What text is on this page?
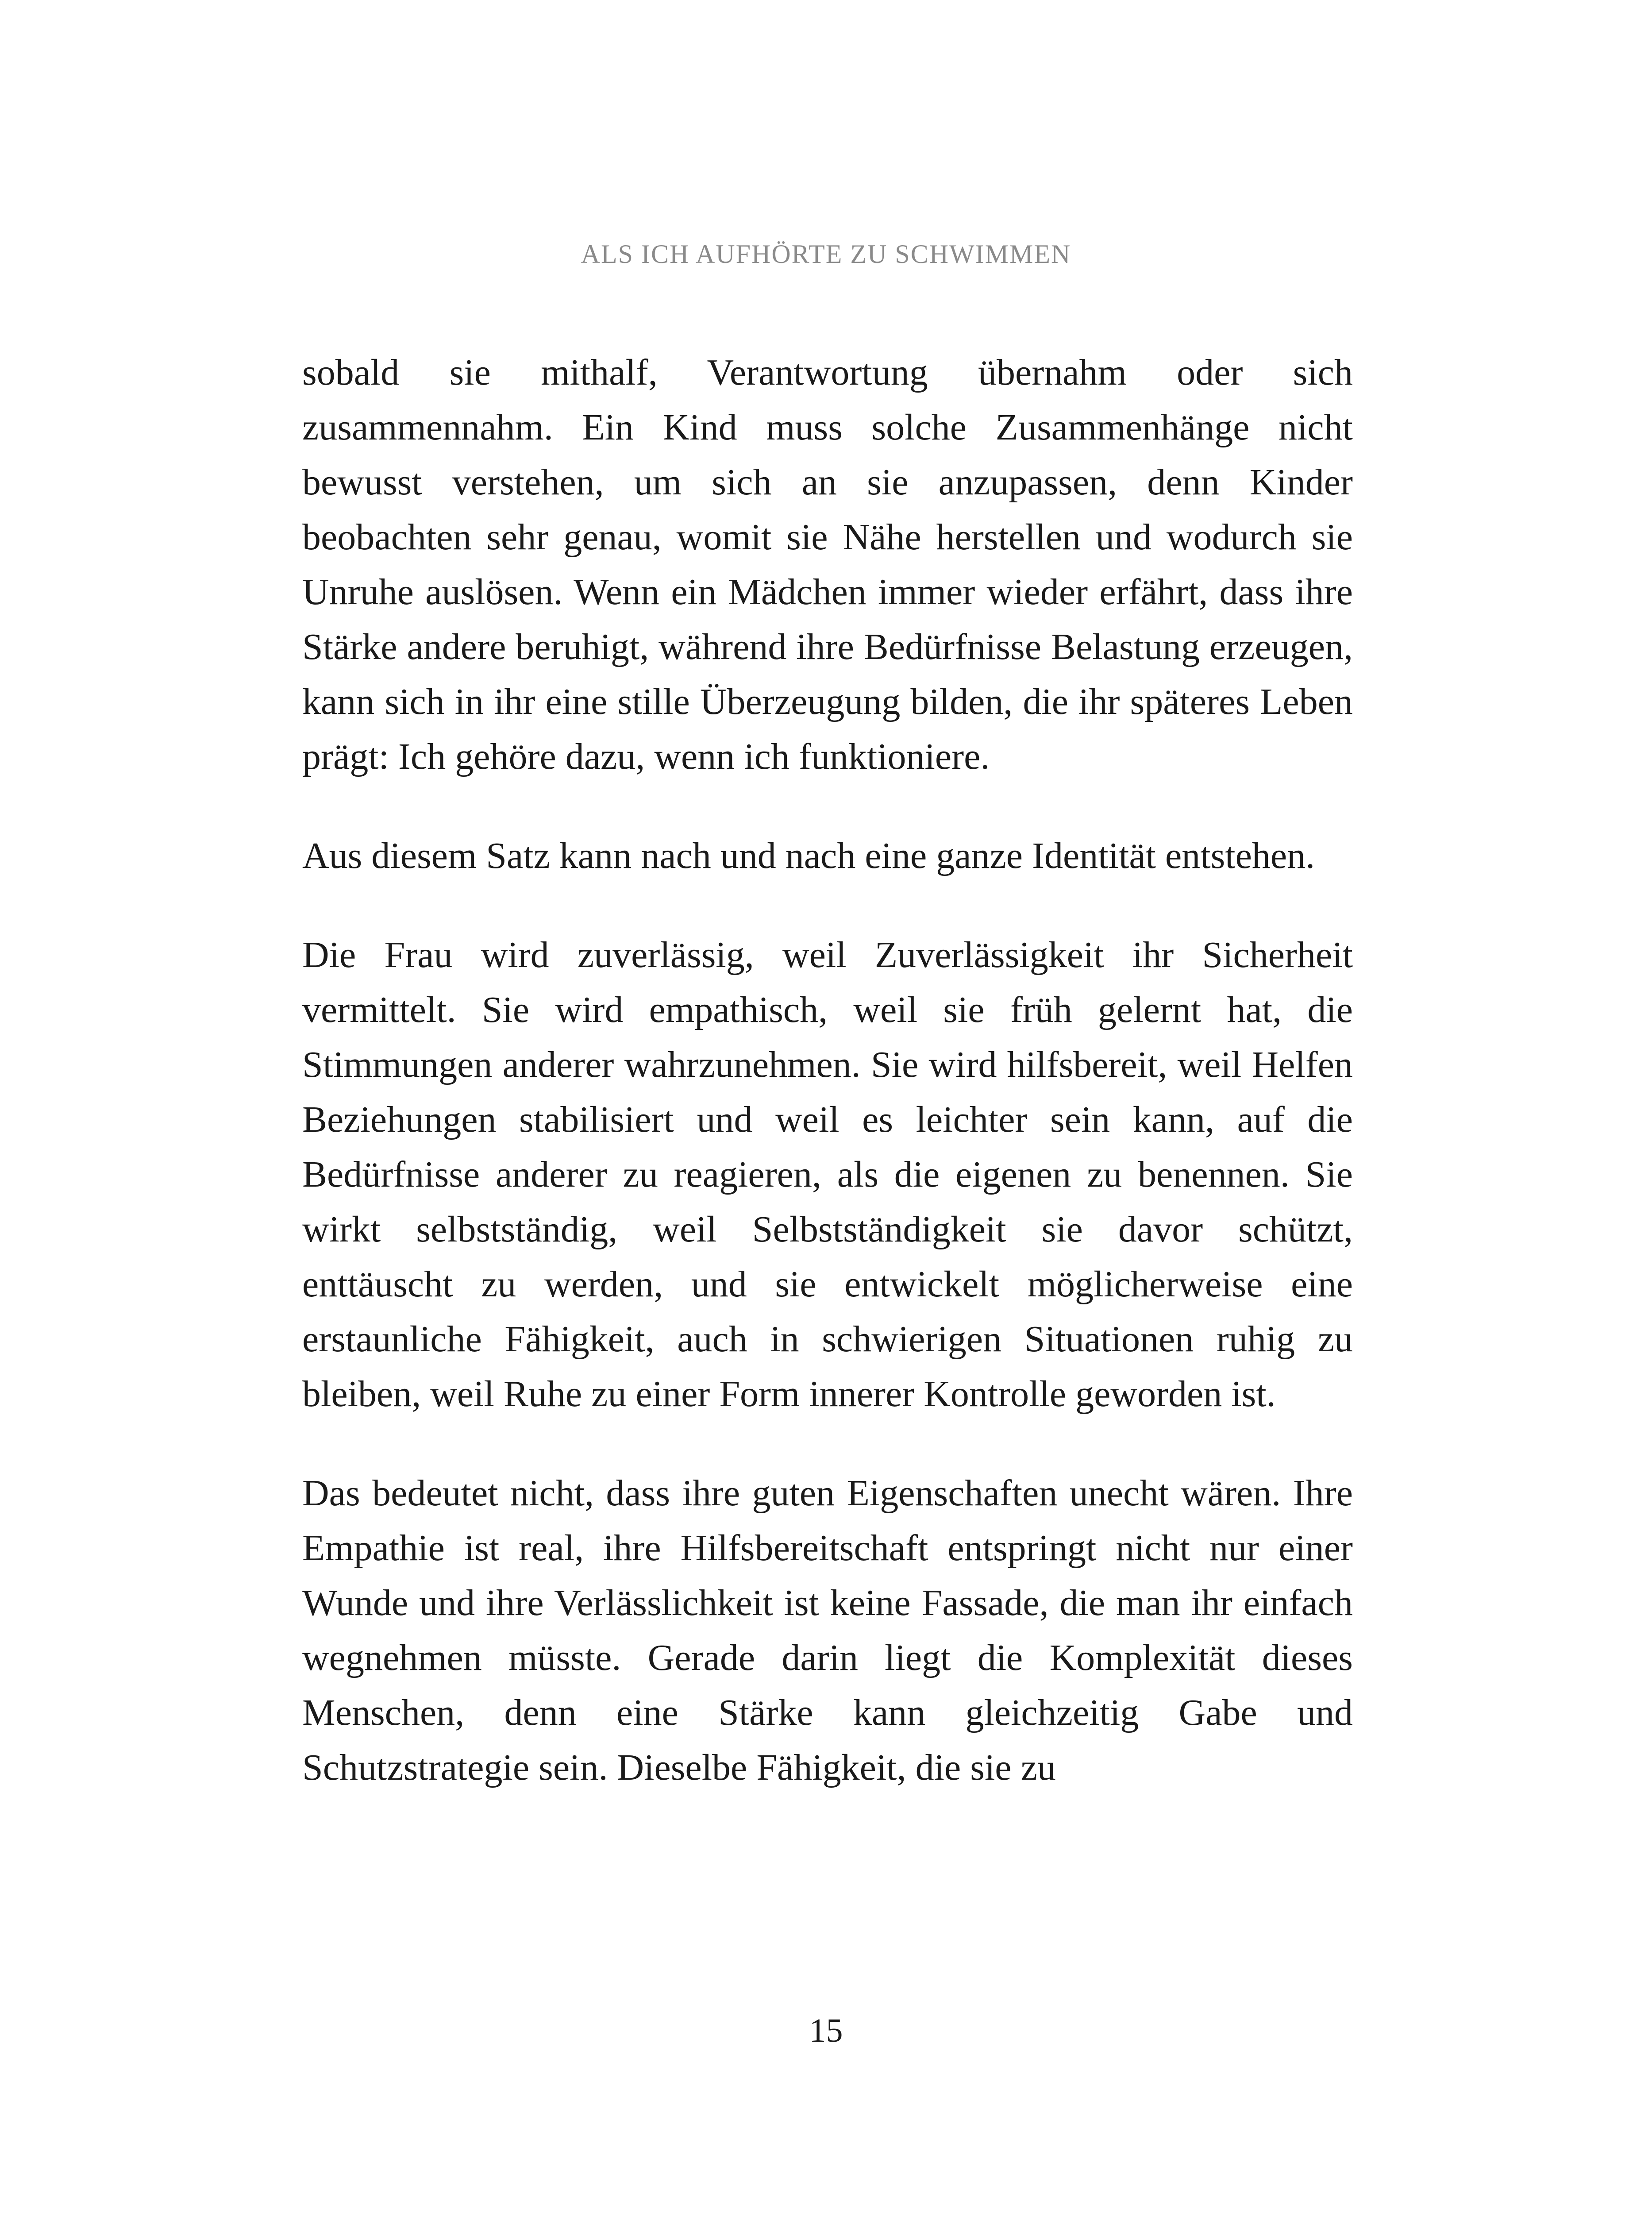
ALS ICH AUFHÖRTE ZU SCHWIMMEN

sobald sie mithalf, Verantwortung übernahm oder sich zusammennahm. Ein Kind muss solche Zusammenhänge nicht bewusst verstehen, um sich an sie anzupassen, denn Kinder beobachten sehr genau, womit sie Nähe herstellen und wodurch sie Unruhe auslösen. Wenn ein Mädchen immer wieder erfährt, dass ihre Stärke andere beruhigt, während ihre Bedürfnisse Belastung erzeugen, kann sich in ihr eine stille Überzeugung bilden, die ihr späteres Leben prägt: Ich gehöre dazu, wenn ich funktioniere.

Aus diesem Satz kann nach und nach eine ganze Identität entstehen.

Die Frau wird zuverlässig, weil Zuverlässigkeit ihr Sicherheit vermittelt. Sie wird empathisch, weil sie früh gelernt hat, die Stimmungen anderer wahrzunehmen. Sie wird hilfsbereit, weil Helfen Beziehungen stabilisiert und weil es leichter sein kann, auf die Bedürfnisse anderer zu reagieren, als die eigenen zu benennen. Sie wirkt selbstständig, weil Selbstständigkeit sie davor schützt, enttäuscht zu werden, und sie entwickelt möglicherweise eine erstaunliche Fähigkeit, auch in schwierigen Situationen ruhig zu bleiben, weil Ruhe zu einer Form innerer Kontrolle geworden ist.

Das bedeutet nicht, dass ihre guten Eigenschaften unecht wären. Ihre Empathie ist real, ihre Hilfsbereitschaft entspringt nicht nur einer Wunde und ihre Verlässlichkeit ist keine Fassade, die man ihr einfach wegnehmen müsste. Gerade darin liegt die Komplexität dieses Menschen, denn eine Stärke kann gleichzeitig Gabe und Schutzstrategie sein. Dieselbe Fähigkeit, die sie zu

15
